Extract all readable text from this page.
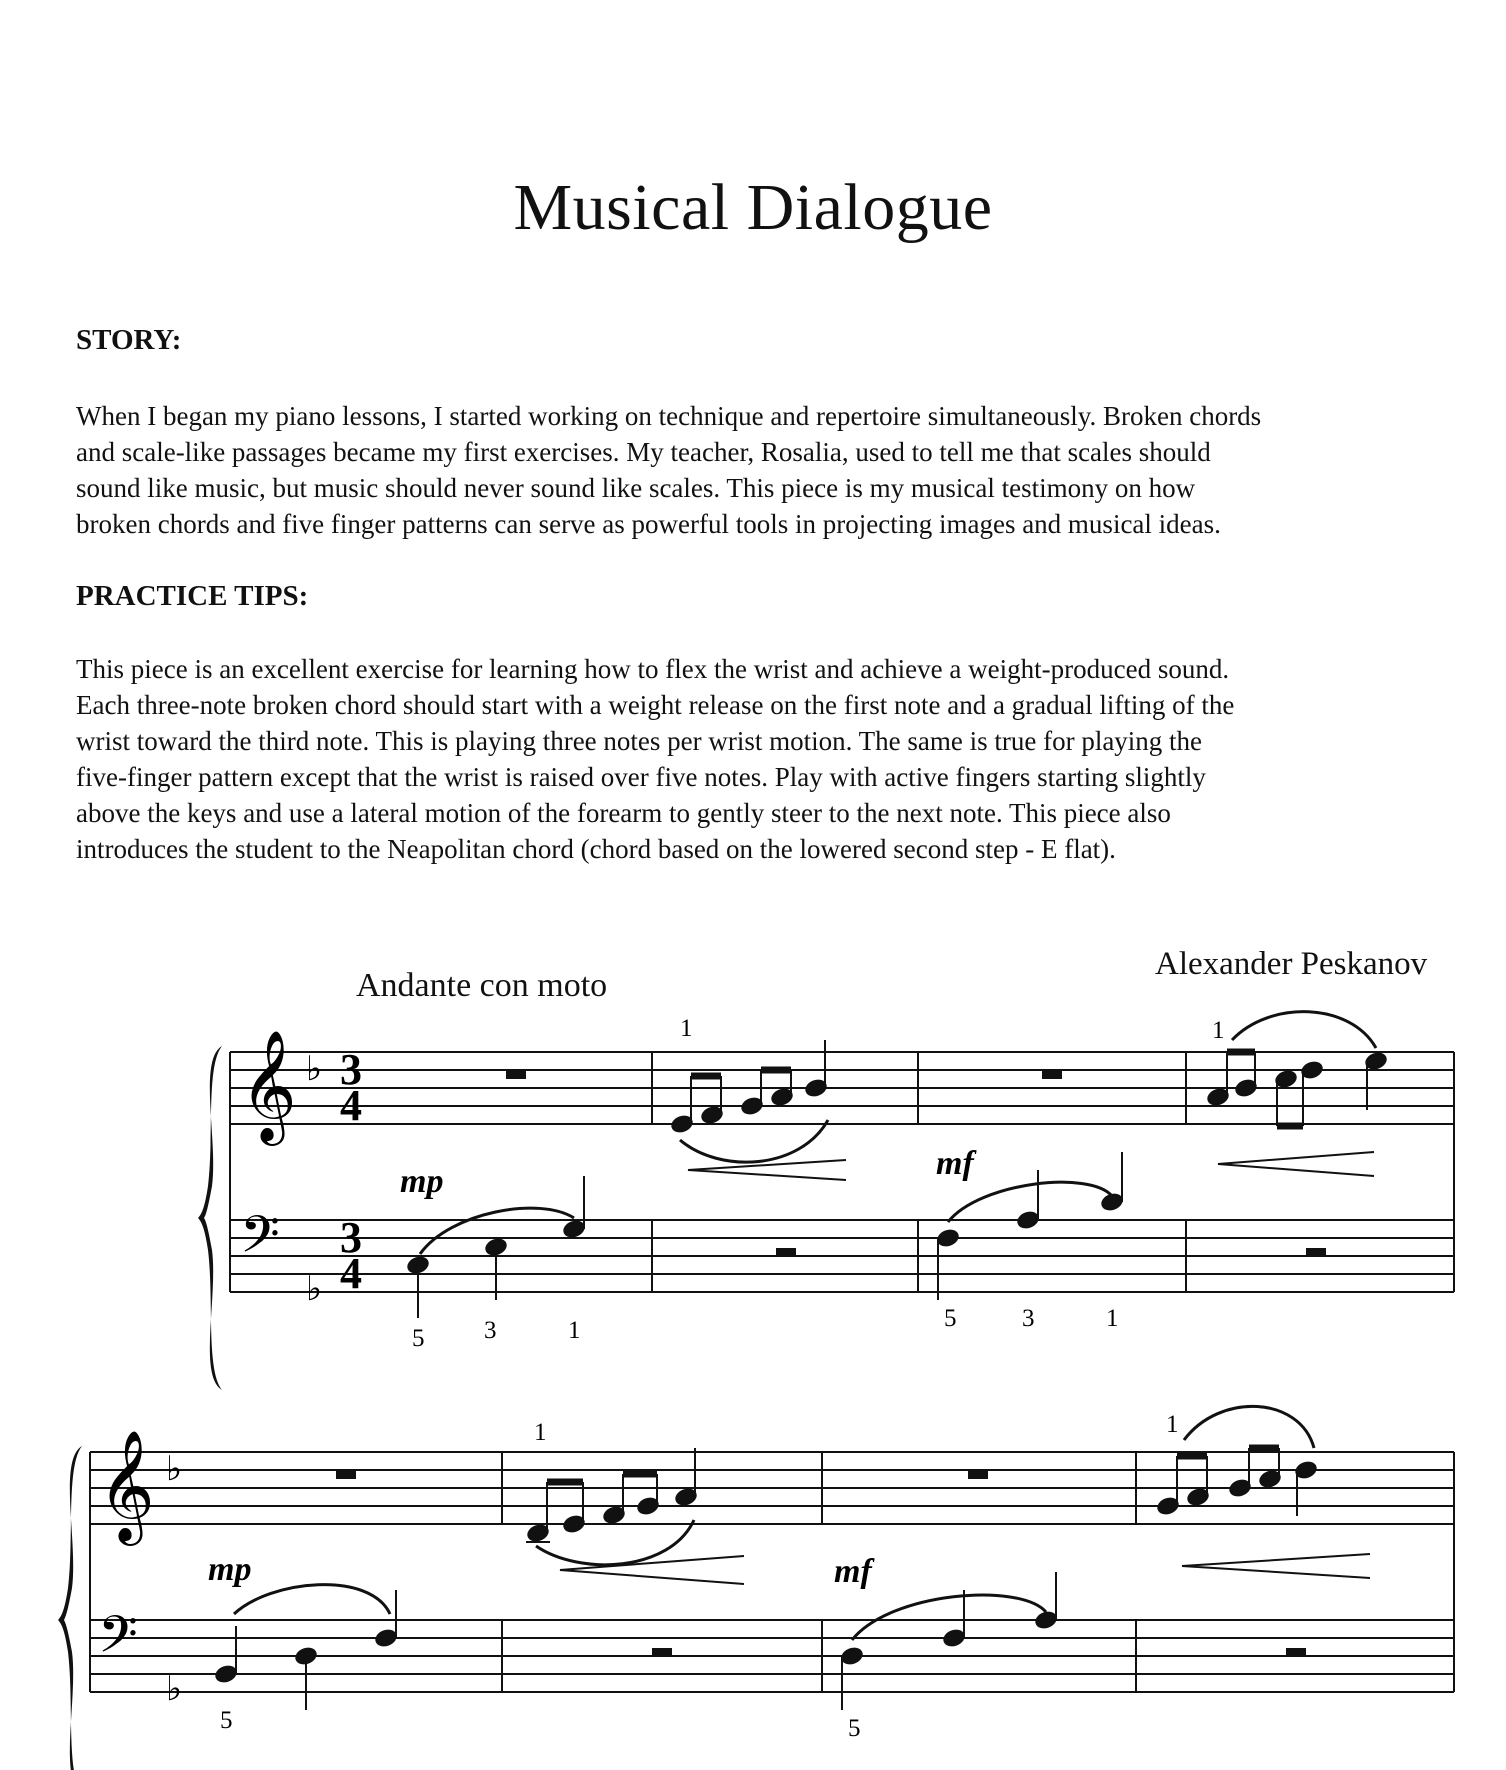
Musical Dialogue
STORY:

When I began my piano lessons, I started working on technique and repertoire simultaneously. Broken chords
and scale-like passages became my first exercises. My teacher, Rosalia, used to tell me that scales should
sound like music, but music should never sound like scales. This piece is my musical testimony on how
broken chords and five finger patterns can serve as powerful tools in projecting images and musical ideas.

PRACTICE TIPS:

This piece is an excellent exercise for learning how to flex the wrist and achieve a weight-produced sound.
Each three-note broken chord should start with a weight release on the first note and a gradual lifting of the
wrist toward the third note. This is playing three notes per wrist motion. The same is true for playing the
five-finger pattern except that the wrist is raised over five notes. Play with active fingers starting slightly
above the keys and use a lateral motion of the forearm to gently steer to the next note. This piece also
introduces the student to the Neapolitan chord (chord based on the lowered second step - E flat).

Andante con moto
Alexander Peskanov
𝄞
𝄢
♭
♭
3
4
3
4
mp
5 3	1
1
mf
5	3	1
1
𝄞
𝄢
♭
♭
mp
5
1
mf
5
1
